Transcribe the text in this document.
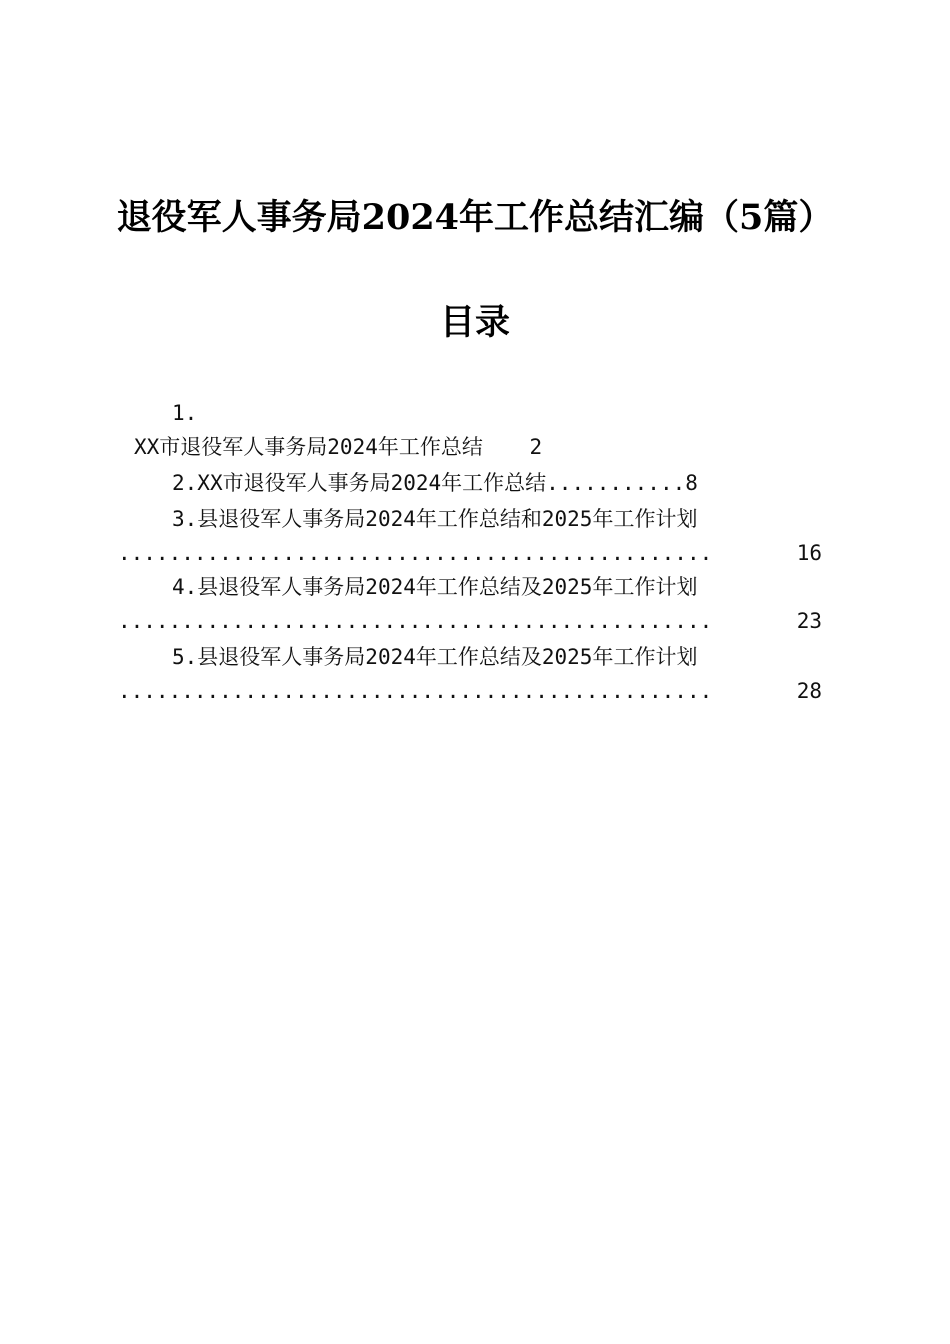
退役军人事务局2024年工作总结汇编（5篇）
目录
1.
XX市退役军人事务局2024年工作总结 2
2. XX市退役军人事务局2024年工作总结 ........... 8
3.县退役军人事务局2024年工作总结和2025年工作计划
...............................................	16
4.县退役军人事务局2024年工作总结及2025年工作计划
...............................................	23
5.县退役军人事务局2024年工作总结及2025年工作计划
...............................................	28
